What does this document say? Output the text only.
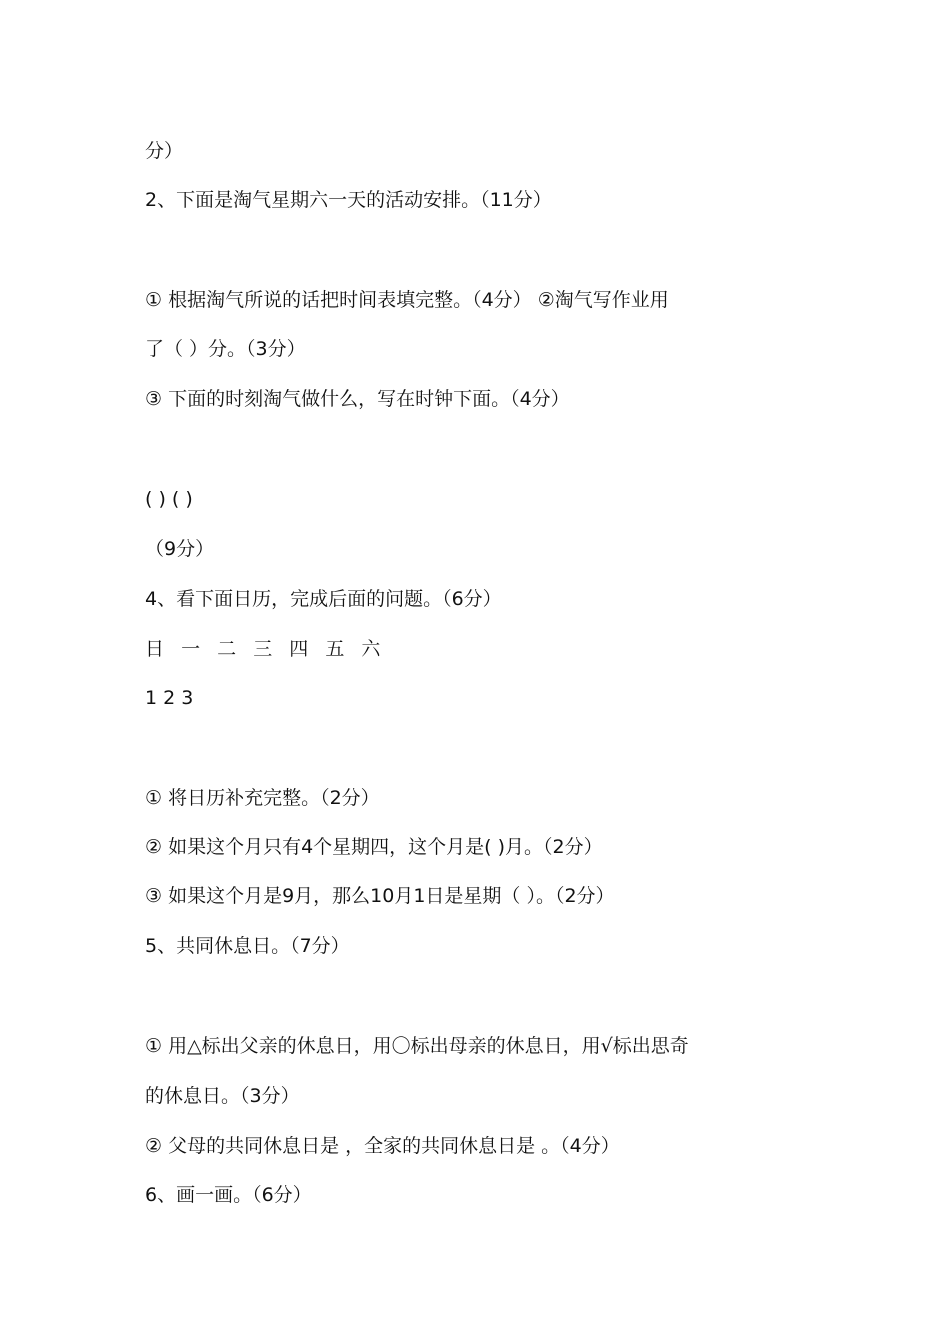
分）
2、下面是淘气星期六一天的活动安排。（11分）
① 根据淘气所说的话把时间表填完整。（4分） ②淘气写作业用
了（ ）分。（3分）
③ 下面的时刻淘气做什么，写在时钟下面。（4分）
( ) ( )
（9分）
4、看下面日历，完成后面的问题。（6分）
日 一 二 三 四 五 六
1 2 3
① 将日历补充完整。（2分）
② 如果这个月只有4个星期四，这个月是( )月。（2分）
③ 如果这个月是9月，那么10月1日是星期（ ）。（2分）
5、共同休息日。（7分）
① 用△标出父亲的休息日，用〇标出母亲的休息日，用√标出思奇
的休息日。（3分）
② 父母的共同休息日是 ，全家的共同休息日是 。（4分）
6、画一画。（6分）
